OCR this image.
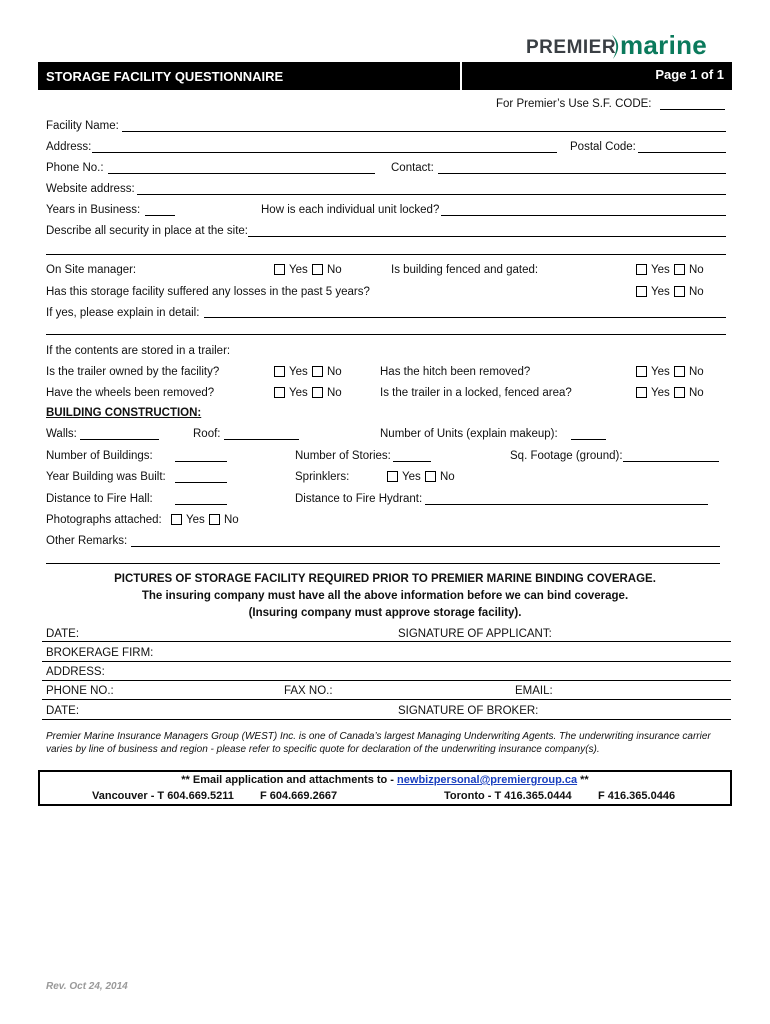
PREMIER marine
STORAGE FACILITY QUESTIONNAIRE	Page 1 of 1
For Premier’s Use S.F. CODE:
Facility Name:
Address:	Postal Code:
Phone No.:	Contact:
Website address:
Years in Business:	How is each individual unit locked?
Describe all security in place at the site:
On Site manager:	Yes No	Is building fenced and gated:	Yes No
Has this storage facility suffered any losses in the past 5 years?	Yes No
If yes, please explain in detail:
If the contents are stored in a trailer:
Is the trailer owned by the facility?	Yes No	Has the hitch been removed?	Yes No
Have the wheels been removed?	Yes No	Is the trailer in a locked, fenced area?	Yes No
BUILDING CONSTRUCTION:
Walls:	Roof:	Number of Units (explain makeup):
Number of Buildings:	Number of Stories:	Sq. Footage (ground):
Year Building was Built:	Sprinklers:	Yes No
Distance to Fire Hall:	Distance to Fire Hydrant:
Photographs attached: Yes No
Other Remarks:
PICTURES OF STORAGE FACILITY REQUIRED PRIOR TO PREMIER MARINE BINDING COVERAGE.
The insuring company must have all the above information before we can bind coverage.
(Insuring company must approve storage facility).
DATE:	SIGNATURE OF APPLICANT:
BROKERAGE FIRM:
ADDRESS:
PHONE NO.:	FAX NO.:	EMAIL:
DATE:	SIGNATURE OF BROKER:
Premier Marine Insurance Managers Group (WEST) Inc. is one of Canada’s largest Managing Underwriting Agents. The underwriting insurance carrier
varies by line of business and region - please refer to specific quote for declaration of the underwriting insurance company(s).
** Email application and attachments to - newbizpersonal@premiergroup.ca **
Vancouver - T 604.669.5211 F 604.669.2667	Toronto - T 416.365.0444 F 416.365.0446
Rev. Oct 24, 2014
